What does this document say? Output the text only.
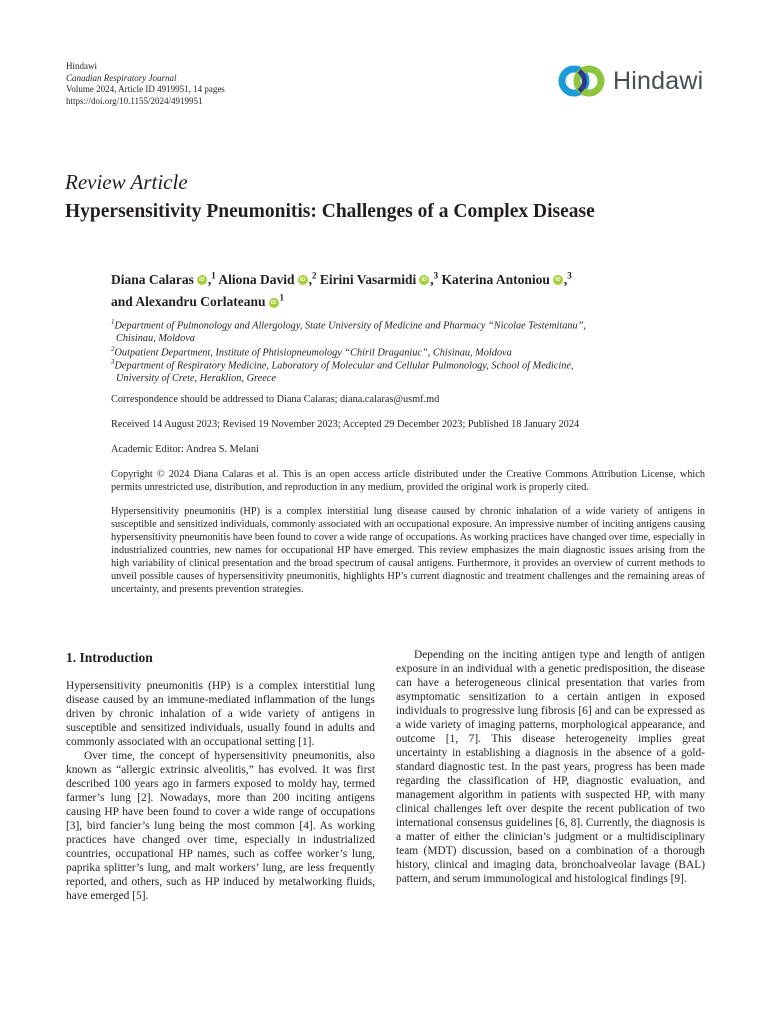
Hindawi
Canadian Respiratory Journal
Volume 2024, Article ID 4919951, 14 pages
https://doi.org/10.1155/2024/4919951
Hindawi
Review Article
Hypersensitivity Pneumonitis: Challenges of a Complex Disease
Diana Calaras iD ,$^1$ Aliona David iD ,$^2$ Eirini Vasarmidi iD ,$^3$ Katerina Antoniou iD ,$^3$
and Alexandru Corlateanu $iD^1$
$^1$Department of Pulmonology and Allergology, State University of Medicine and Pharmacy “Nicolae Testemitanu”,
Chisinau, Moldova
$^2$Outpatient Department, Institute of Phtisiopneumology “Chiril Draganiuc”, Chisinau, Moldova
$^3$Department of Respiratory Medicine, Laboratory of Molecular and Cellular Pulmonology, School of Medicine,
University of Crete, Heraklion, Greece
Correspondence should be addressed to Diana Calaras; diana.calaras@usmf.md
Received 14 August 2023; Revised 19 November 2023; Accepted 29 December 2023; Published 18 January 2024
Academic Editor: Andrea S. Melani
Copyright © 2024 Diana Calaras et al. This is an open access article distributed under the Creative Commons Attribution License, which permits unrestricted use, distribution, and reproduction in any medium, provided the original work is properly cited.
Hypersensitivity pneumonitis (HP) is a complex interstitial lung disease caused by chronic inhalation of a wide variety of antigens in susceptible and sensitized individuals, commonly associated with an occupational exposure. An impressive number of inciting antigens causing hypersensitivity pneumonitis have been found to cover a wide range of occupations. As working practices have changed over time, especially in industrialized countries, new names for occupational HP have emerged. This review emphasizes the main diagnostic issues arising from the high variability of clinical presentation and the broad spectrum of causal antigens. Furthermore, it provides an overview of current methods to unveil possible causes of hypersensitivity pneumonitis, highlights HP’s current diagnostic and treatment challenges and the remaining areas of uncertainty, and presents prevention strategies.
1. Introduction

Hypersensitivity pneumonitis (HP) is a complex interstitial lung disease caused by an immune-mediated inflammation of the lungs driven by chronic inhalation of a wide variety of antigens in susceptible and sensitized individuals, usually found in adults and commonly associated with an occupational setting [1].

Over time, the concept of hypersensitivity pneumonitis, also known as “allergic extrinsic alveolitis,” has evolved. It was first described 100 years ago in farmers exposed to moldy hay, termed farmer’s lung [2]. Nowadays, more than 200 inciting antigens causing HP have been found to cover a wide range of occupations [3], bird fancier’s lung being the most common [4]. As working practices have changed over time, especially in industrialized countries, occupational HP names, such as coffee worker’s lung, paprika splitter’s lung, and malt workers’ lung, are less frequently reported, and others, such as HP induced by metalworking fluids, have emerged [5].

Depending on the inciting antigen type and length of antigen exposure in an individual with a genetic predisposition, the disease can have a heterogeneous clinical presentation that varies from asymptomatic sensitization to a certain antigen in exposed individuals to progressive lung fibrosis [6] and can be expressed as a wide variety of imaging patterns, morphological appearance, and outcome [1, 7]. This disease heterogeneity implies great uncertainty in establishing a diagnosis in the absence of a gold-standard diagnostic test. In the past years, progress has been made regarding the classification of HP, diagnostic evaluation, and management algorithm in patients with suspected HP, with many clinical challenges left over despite the recent publication of two international consensus guidelines [6, 8]. Currently, the diagnosis is a matter of either the clinician’s judgment or a multidisciplinary team (MDT) discussion, based on a combination of a thorough history, clinical and imaging data, bronchoalveolar lavage (BAL) pattern, and serum immunological and histological findings [9].
